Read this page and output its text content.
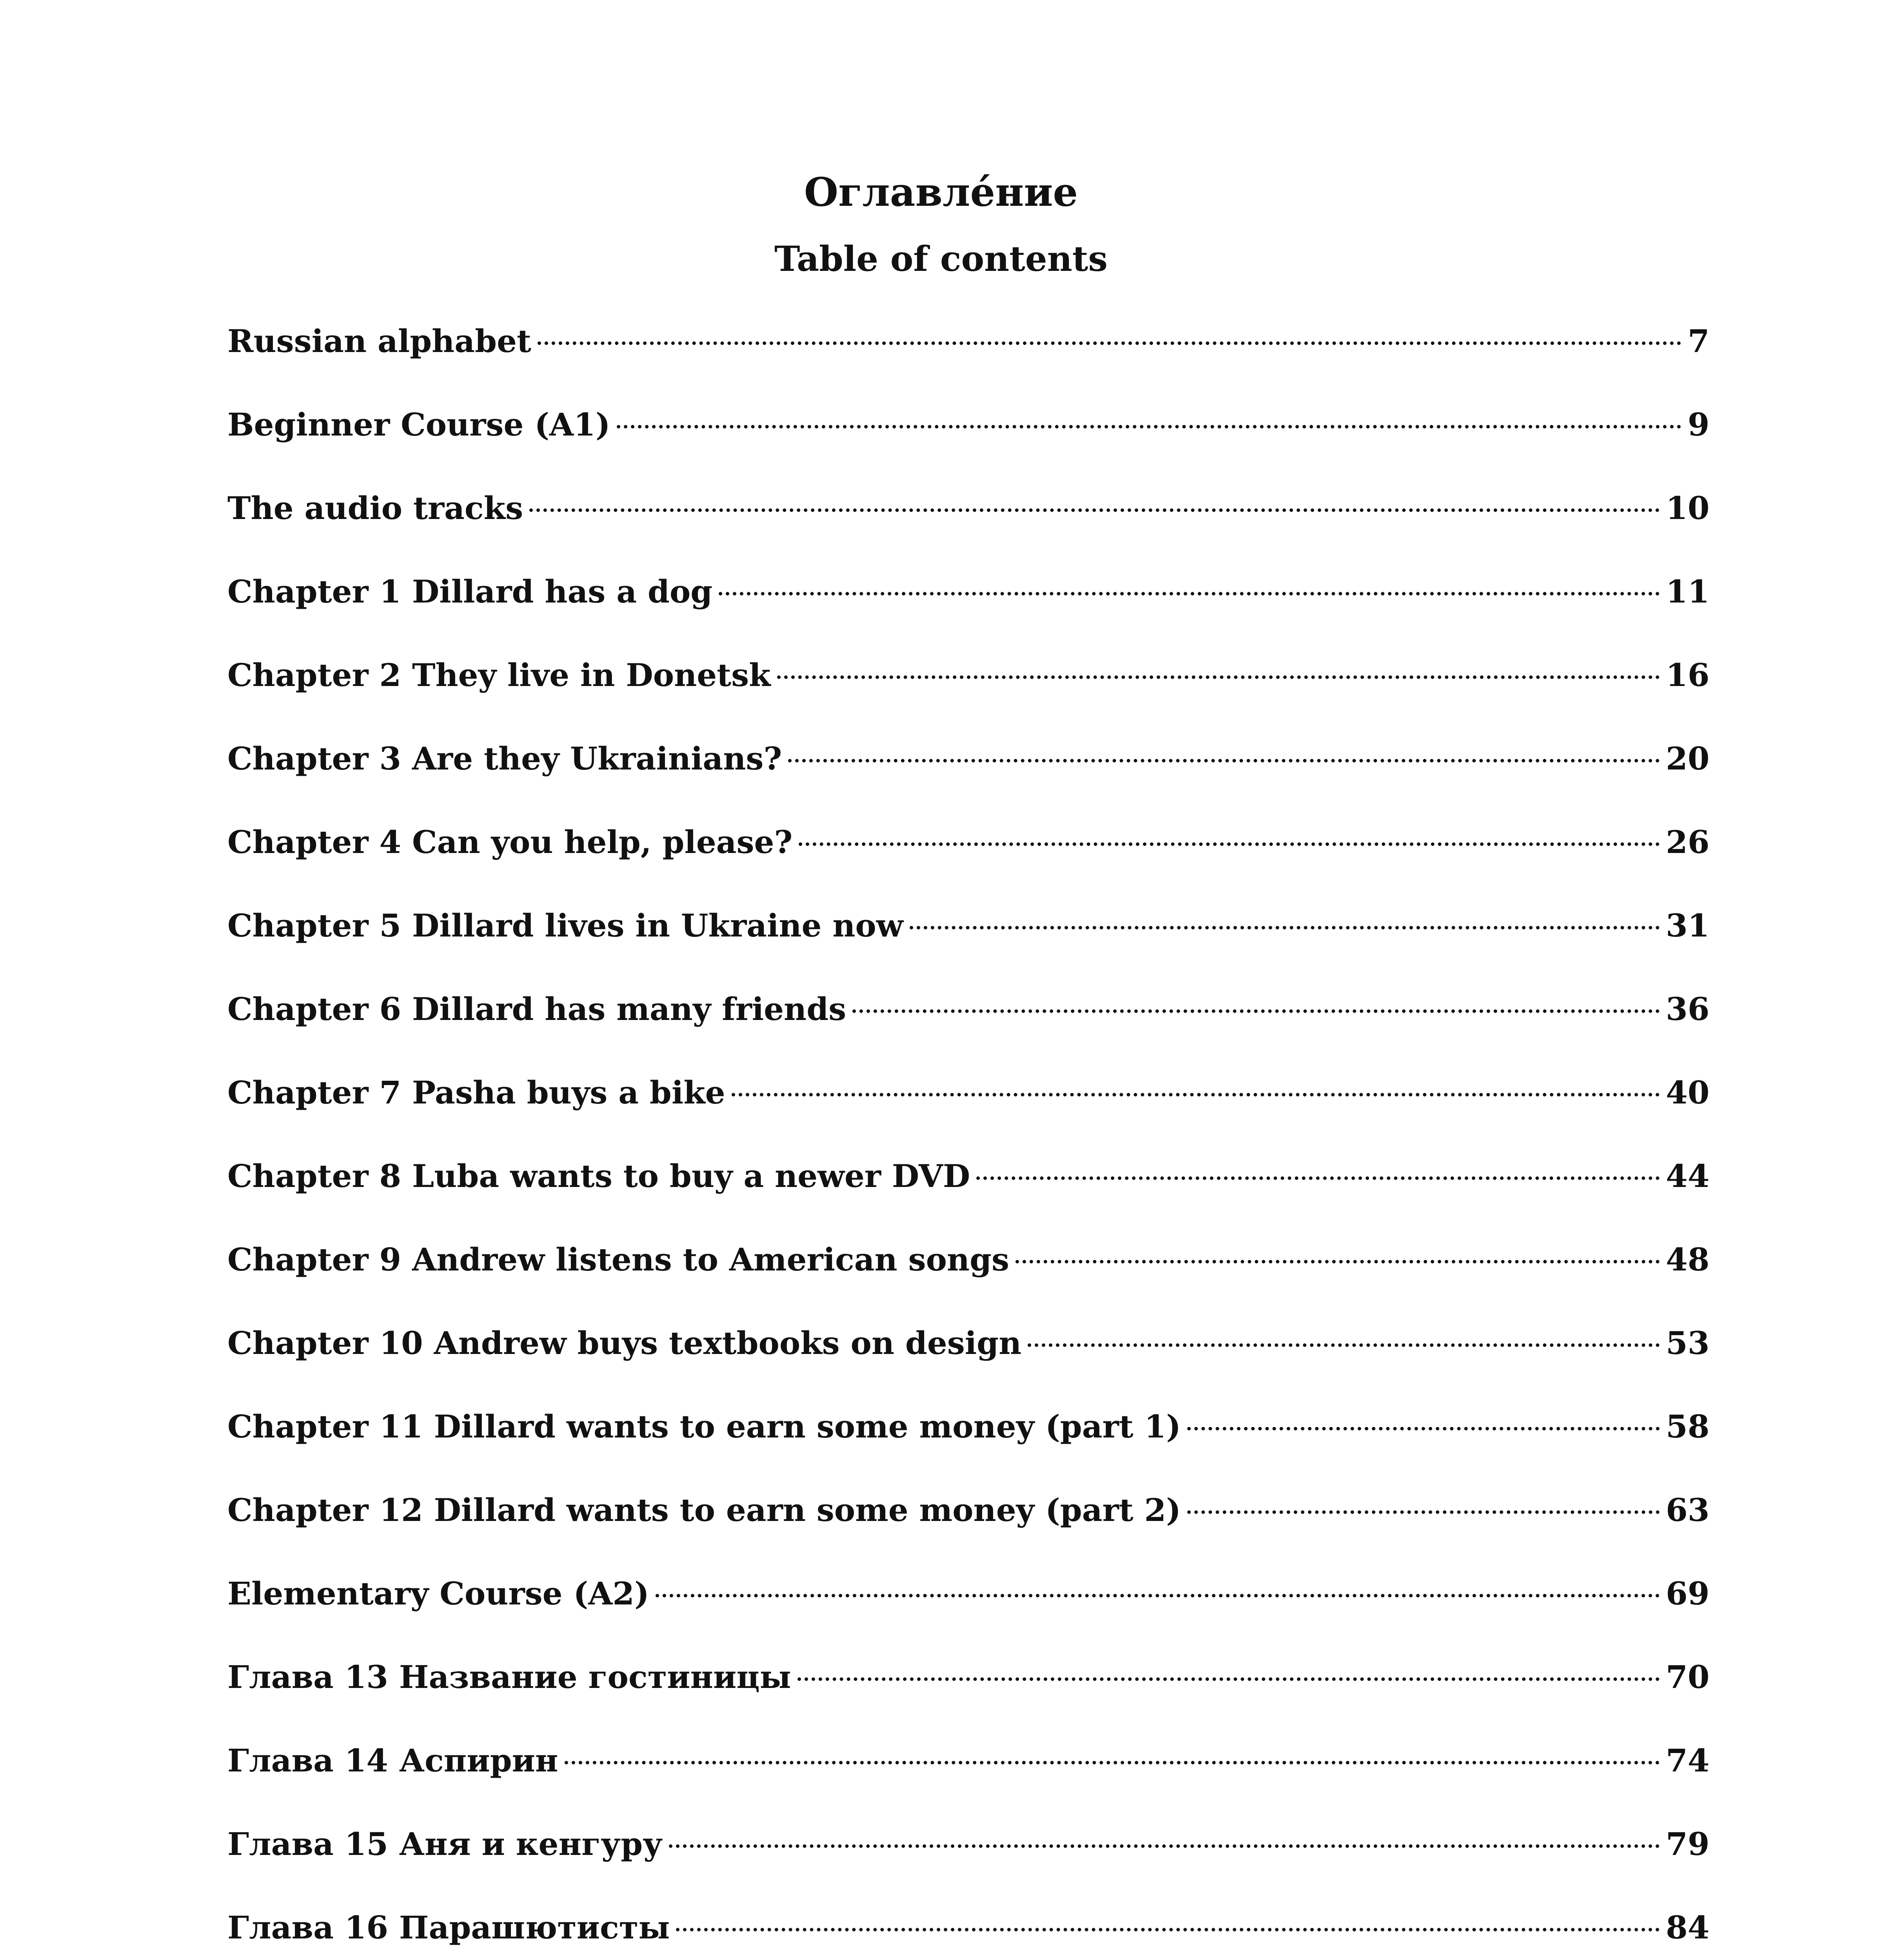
Оглавле́ние
Table of contents
Russian alphabet	7
Beginner Course (A1)	9
The audio tracks	10
Chapter 1 Dillard has a dog	11
Chapter 2 They live in Donetsk	16
Chapter 3 Are they Ukrainians?	20
Chapter 4 Can you help, please?	26
Chapter 5 Dillard lives in Ukraine now	31
Chapter 6 Dillard has many friends	36
Chapter 7 Pasha buys a bike	40
Chapter 8 Luba wants to buy a newer DVD	44
Chapter 9 Andrew listens to American songs	48
Chapter 10 Andrew buys textbooks on design	53
Chapter 11 Dillard wants to earn some money (part 1)	58
Chapter 12 Dillard wants to earn some money (part 2)	63
Elementary Course (A2)	69
Глава 13 Название гостиницы	70
Глава 14 Аспирин	74
Глава 15 Аня и кенгуру	79
Глава 16 Парашютисты	84
